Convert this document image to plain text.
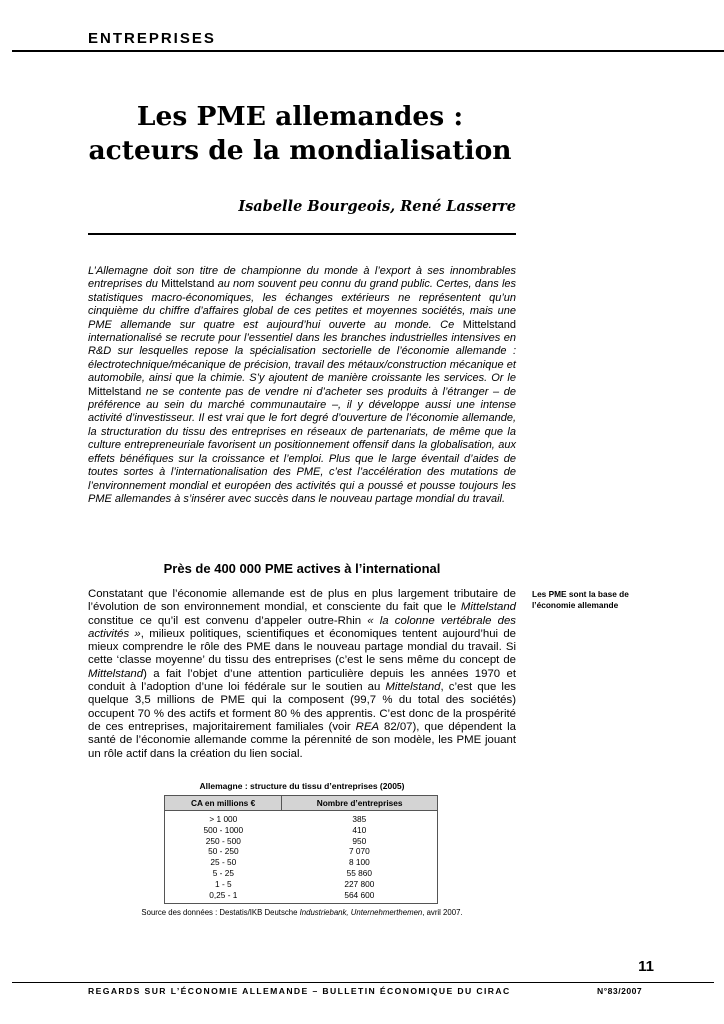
ENTREPRISES
Les PME allemandes :
acteurs de la mondialisation
Isabelle Bourgeois, René Lasserre
L’Allemagne doit son titre de championne du monde à l’export à ses innombrables entreprises du Mittelstand au nom souvent peu connu du grand public. Certes, dans les statistiques macro-économiques, les échanges extérieurs ne représentent qu’un cinquième du chiffre d’affaires global de ces petites et moyennes sociétés, mais une PME allemande sur quatre est aujourd’hui ouverte au monde. Ce Mittelstand internationalisé se recrute pour l’essentiel dans les branches industrielles intensives en R&D sur lesquelles repose la spécialisation sectorielle de l’économie allemande : électrotechnique/mécanique de précision, travail des métaux/construction mécanique et automobile, ainsi que la chimie. S’y ajoutent de manière croissante les services. Or le Mittelstand ne se contente pas de vendre ni d’acheter ses produits à l’étranger – de préférence au sein du marché communautaire –, il y développe aussi une intense activité d’investisseur. Il est vrai que le fort degré d’ouverture de l’économie allemande, la structuration du tissu des entreprises en réseaux de partenariats, de même que la culture entrepreneuriale favorisent un positionnement offensif dans la globalisation, aux effets bénéfiques sur la croissance et l’emploi. Plus que le large éventail d’aides de toutes sortes à l’internationalisation des PME, c’est l’accélération des mutations de l’environnement mondial et européen des activités qui a poussé et pousse toujours les PME allemandes à s’insérer avec succès dans le nouveau partage mondial du travail.
Près de 400 000 PME actives à l’international
Constatant que l’économie allemande est de plus en plus largement tributaire de l’évolution de son environnement mondial, et consciente du fait que le Mittelstand constitue ce qu’il est convenu d’appeler outre-Rhin « la colonne vertébrale des activités », milieux politiques, scientifiques et économiques tentent aujourd’hui de mieux comprendre le rôle des PME dans le nouveau partage mondial du travail. Si cette ‘classe moyenne’ du tissu des entreprises (c’est le sens même du concept de Mittelstand) a fait l’objet d’une attention particulière depuis les années 1970 et conduit à l’adoption d’une loi fédérale sur le soutien au Mittelstand, c’est que les quelque 3,5 millions de PME qui la composent (99,7 % du total des sociétés) occupent 70 % des actifs et forment 80 % des apprentis. C’est donc de la prospérité de ces entreprises, majoritairement familiales (voir REA 82/07), que dépendent la santé de l’économie allemande comme la pérennité de son modèle, les PME jouant un rôle actif dans la création du lien social.
Les PME sont la base de l’économie allemande
Allemagne : structure du tissu d’entreprises (2005)
CA en millions €	Nombre d’entreprises
> 1 000	385
500 - 1000	410
250 - 500	950
50 - 250	7 070
25 - 50	8 100
5 - 25	55 860
1 - 5	227 800
0,25 - 1	564 600
Source des données : Destatis/IKB Deutsche Industriebank, Unternehmerthemen, avril 2007.
11
REGARDS SUR L’ÉCONOMIE ALLEMANDE – BULLETIN ÉCONOMIQUE DU CIRAC	N°83/2007
